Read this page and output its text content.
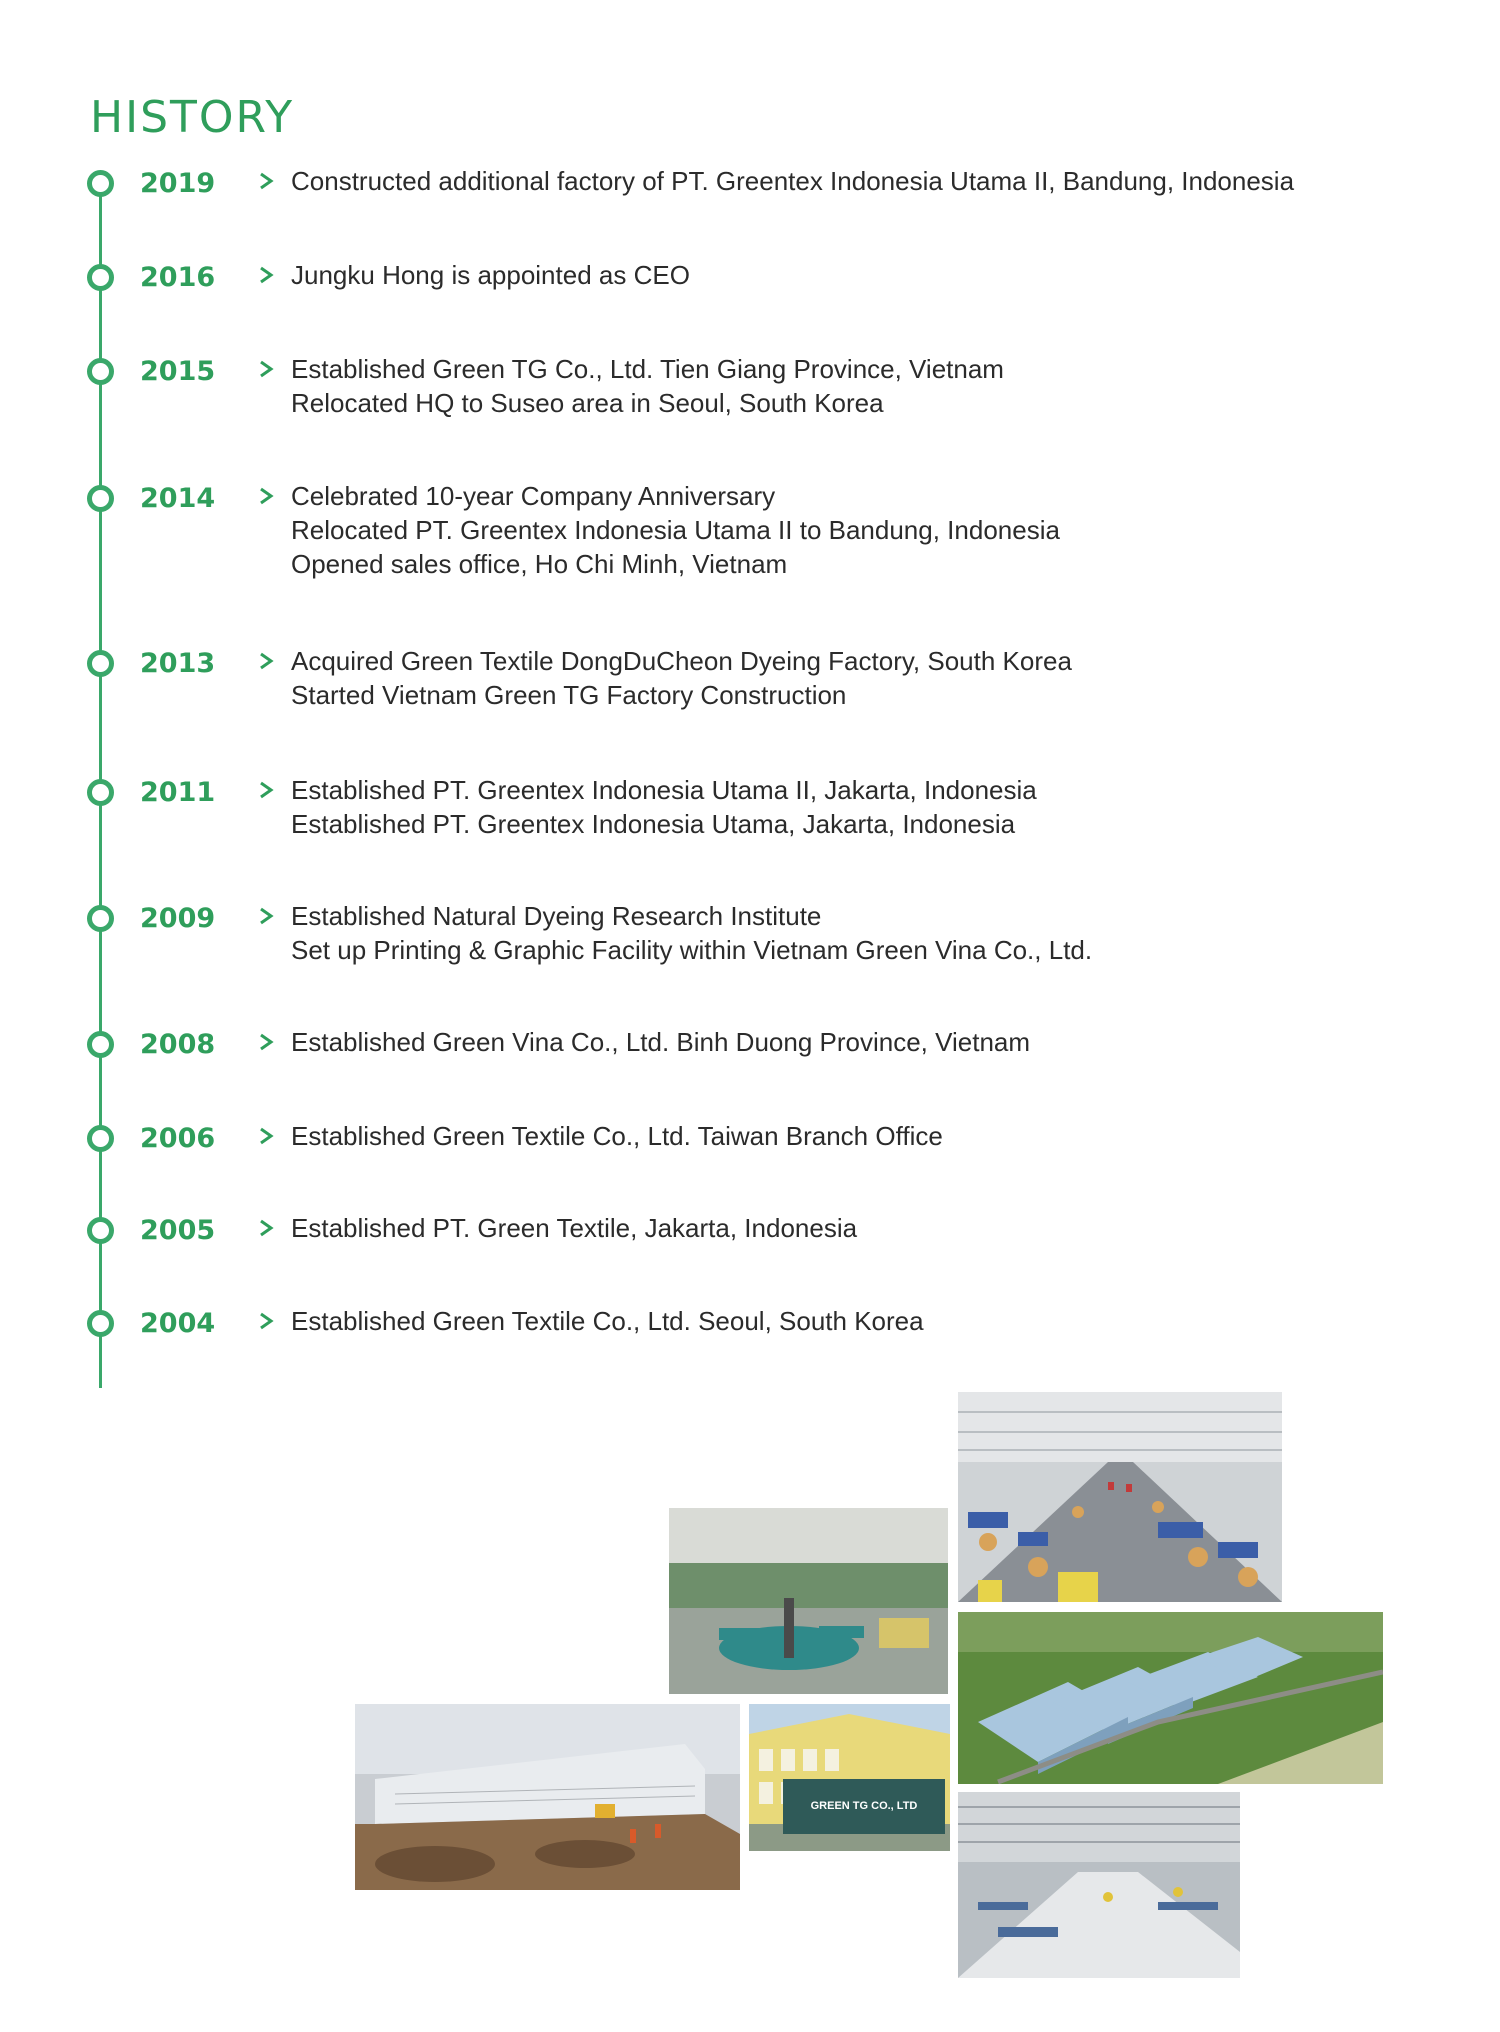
HISTORY
2019	Constructed additional factory of PT. Greentex Indonesia Utama II, Bandung, Indonesia
2016	Jungku Hong is appointed as CEO
2015	Established Green TG Co., Ltd. Tien Giang Province, Vietnam
Relocated HQ to Suseo area in Seoul, South Korea
2014	Celebrated 10-year Company Anniversary
Relocated PT. Greentex Indonesia Utama II to Bandung, Indonesia
Opened sales office, Ho Chi Minh, Vietnam
2013	Acquired Green Textile DongDuCheon Dyeing Factory, South Korea
Started Vietnam Green TG Factory Construction
2011	Established PT. Greentex Indonesia Utama II, Jakarta, Indonesia
Established PT. Greentex Indonesia Utama, Jakarta, Indonesia
2009	Established Natural Dyeing Research Institute
Set up Printing & Graphic Facility within Vietnam Green Vina Co., Ltd.
2008	Established Green Vina Co., Ltd. Binh Duong Province, Vietnam
2006	Established Green Textile Co., Ltd. Taiwan Branch Office
2005	Established PT. Green Textile, Jakarta, Indonesia
2004	Established Green Textile Co., Ltd. Seoul, South Korea
GREEN TG CO., LTD
